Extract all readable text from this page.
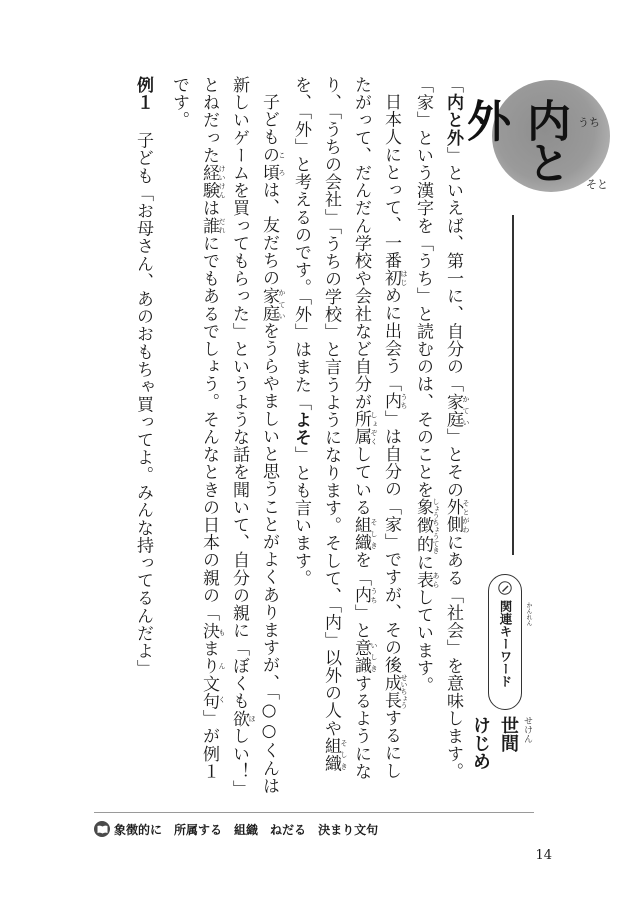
内と外	うち
そと
関連キーワード	かんれん
世間 せけん
けじめ

「内と外」といえば、第一に、自分の「家庭 かてい」とその外側 そとがわにある「社会」を意味します。「家」という漢字を「うち」と読むのは、そのことを象徴的 しょうちょうてきに表 あらしています。

日本人にとって、一番初 はじめに出会う「内 うち」は自分の「家」ですが、その後成長 せいちょうするにしたがって、だんだん学校や会社など自分が所属 しょぞくしている組織 そしきを「内 うち」と意識 いしきするようになり、「うちの会社」「うちの学校」と言うようになります。そして、「内」以外の人や組織 そしきを、「外」と考えるのです。「外」はまた「よそ」とも言います。

子どもの頃 ころは、友だちの家庭 かていをうらやましいと思うことがよくありますが、「○○くんは新しいゲームを買ってもらった」というような話を聞いて、自分の親に「ぼくも欲 ほしい！」とねだった経験 けいけんは誰 だれにでもあるでしょう。そんなときの日本の親の「決まり文句 もんく」が例１です。

例１子ども「お母さん、あのおもちゃ買ってよ。みんな持ってるんだよ」

象徴的に 所属する 組織 ねだる 決まり文句
14
